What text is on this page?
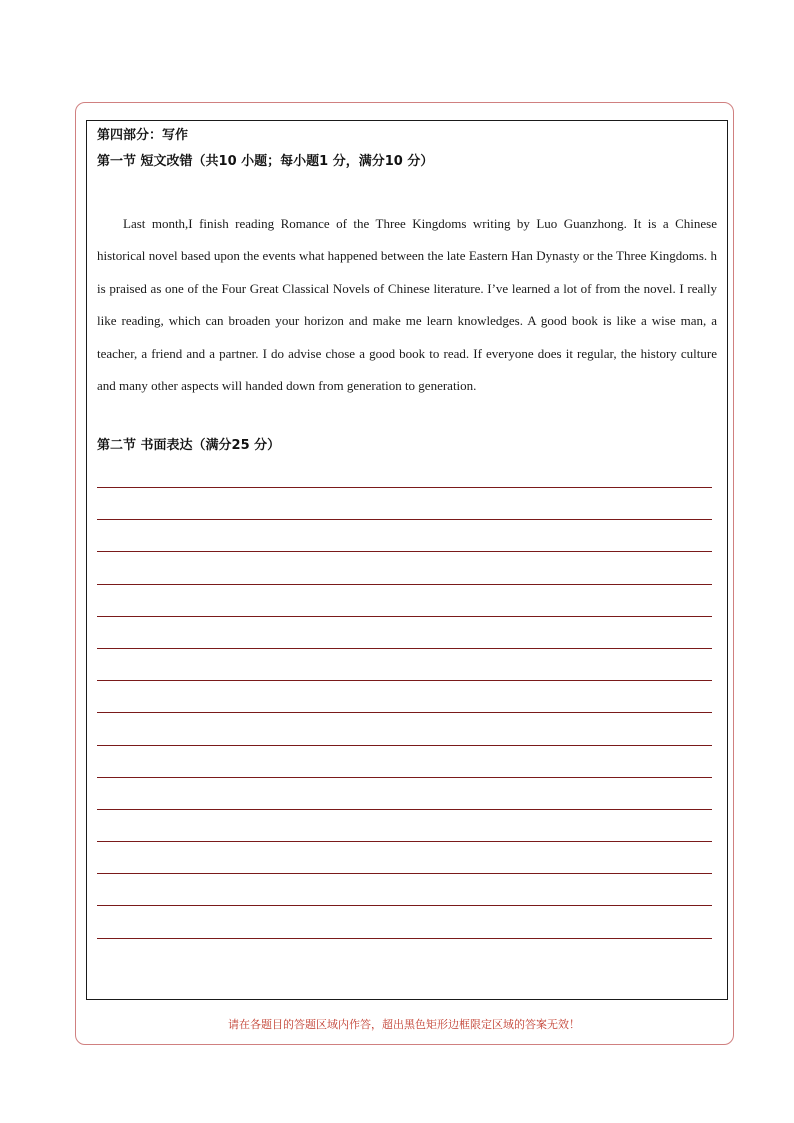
第四部分：写作
第一节 短文改错（共10 小题；每小题1 分，满分10 分）

Last month,I finish reading Romance of the Three Kingdoms writing by Luo Guanzhong. It is a Chinese historical novel based upon the events what happened between the late Eastern Han Dynasty or the Three Kingdoms. h is praised as one of the Four Great Classical Novels of Chinese literature. I’ve learned a lot of from the novel. I really like reading, which can broaden your horizon and make me learn knowledges. A good book is like a wise man, a teacher, a friend and a partner. I do advise chose a good book to read. If everyone does it regular, the history culture and many other aspects will handed down from generation to generation.

第二节 书面表达（满分25 分）
请在各题目的答题区域内作答，超出黑色矩形边框限定区域的答案无效！
